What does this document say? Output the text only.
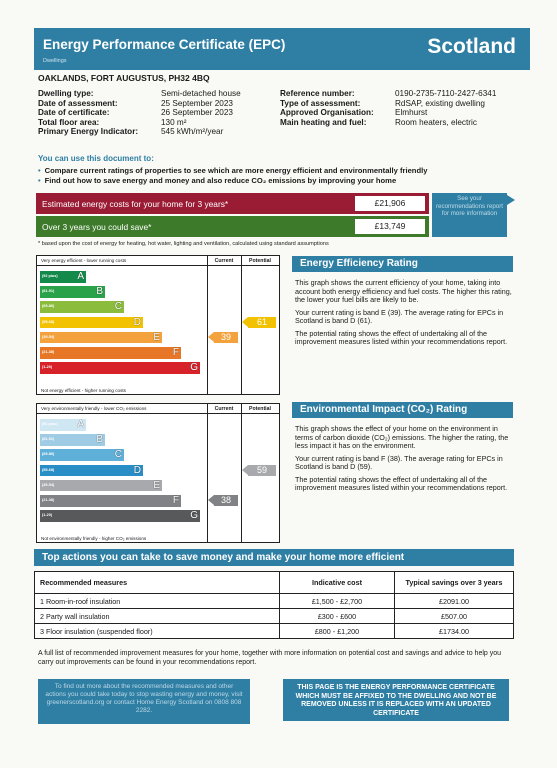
Energy Performance Certificate (EPC)
Dwellings
Scotland
OAKLANDS, FORT AUGUSTUS, PH32 4BQ
Dwelling type:	Semi-detached house
Date of assessment:	25 September 2023
Date of certificate:	26 September 2023
Total floor area:	130 m²
Primary Energy Indicator:	545 kWh/m²/year
Reference number:	0190-2735-7110-2427-6341
Type of assessment:	RdSAP, existing dwelling
Approved Organisation:	Elmhurst
Main heating and fuel:	Room heaters, electric
You can use this document to:
• Compare current ratings of properties to see which are more energy efficient and environmentally friendly
• Find out how to save energy and money and also reduce CO₂ emissions by improving your home
Estimated energy costs for your home for 3 years*	£21,906
Over 3 years you could save*	£13,749
See your recommendations report for more information
* based upon the cost of energy for heating, hot water, lighting and ventilation, calculated using standard assumptions
Very energy efficient - lower running costs	Current	Potential
(92 plus) A
(81-91)	B
(69-80)	C
(55-68)	D
(39-54)	E
(21-38)	F
(1-20)	G
39
61
Not energy efficient - higher running costs
Very environmentally friendly - lower CO₂ emissions	Current	Potential
(92 plus) A
(81-91)	B
(69-80)	C
(55-68)	D
(39-54)	E
(21-38)	F
(1-20)	G
38
59
Not environmentally friendly - higher CO₂ emissions
Energy Efficiency Rating

This graph shows the current efficiency of your home, taking into account both energy efficiency and fuel costs. The higher this rating, the lower your fuel bills are likely to be.

Your current rating is band E (39). The average rating for EPCs in Scotland is band D (61).

The potential rating shows the effect of undertaking all of the improvement measures listed within your recommendations report.

Environmental Impact (CO₂) Rating

This graph shows the effect of your home on the environment in terms of carbon dioxide (CO₂) emissions. The higher the rating, the less impact it has on the environment.

Your current rating is band F (38). The average rating for EPCs in Scotland is band D (59).

The potential rating shows the effect of undertaking all of the improvement measures listed within your recommendations report.

Top actions you can take to save money and make your home more efficient
Recommended measures	Indicative cost	Typical savings over 3 years
1 Room-in-roof insulation	£1,500 - £2,700	£2091.00
2 Party wall insulation	£300 - £600	£507.00
3 Floor insulation (suspended floor)	£800 - £1,200	£1734.00
A full list of recommended improvement measures for your home, together with more information on potential cost and savings and advice to help you carry out improvements can be found in your recommendations report.
To find out more about the recommended measures and other actions you could take today to stop wasting energy and money, visit greenerscotland.org or contact Home Energy Scotland on 0808 808 2282.
THIS PAGE IS THE ENERGY PERFORMANCE CERTIFICATE WHICH MUST BE AFFIXED TO THE DWELLING AND NOT BE REMOVED UNLESS IT IS REPLACED WITH AN UPDATED CERTIFICATE
